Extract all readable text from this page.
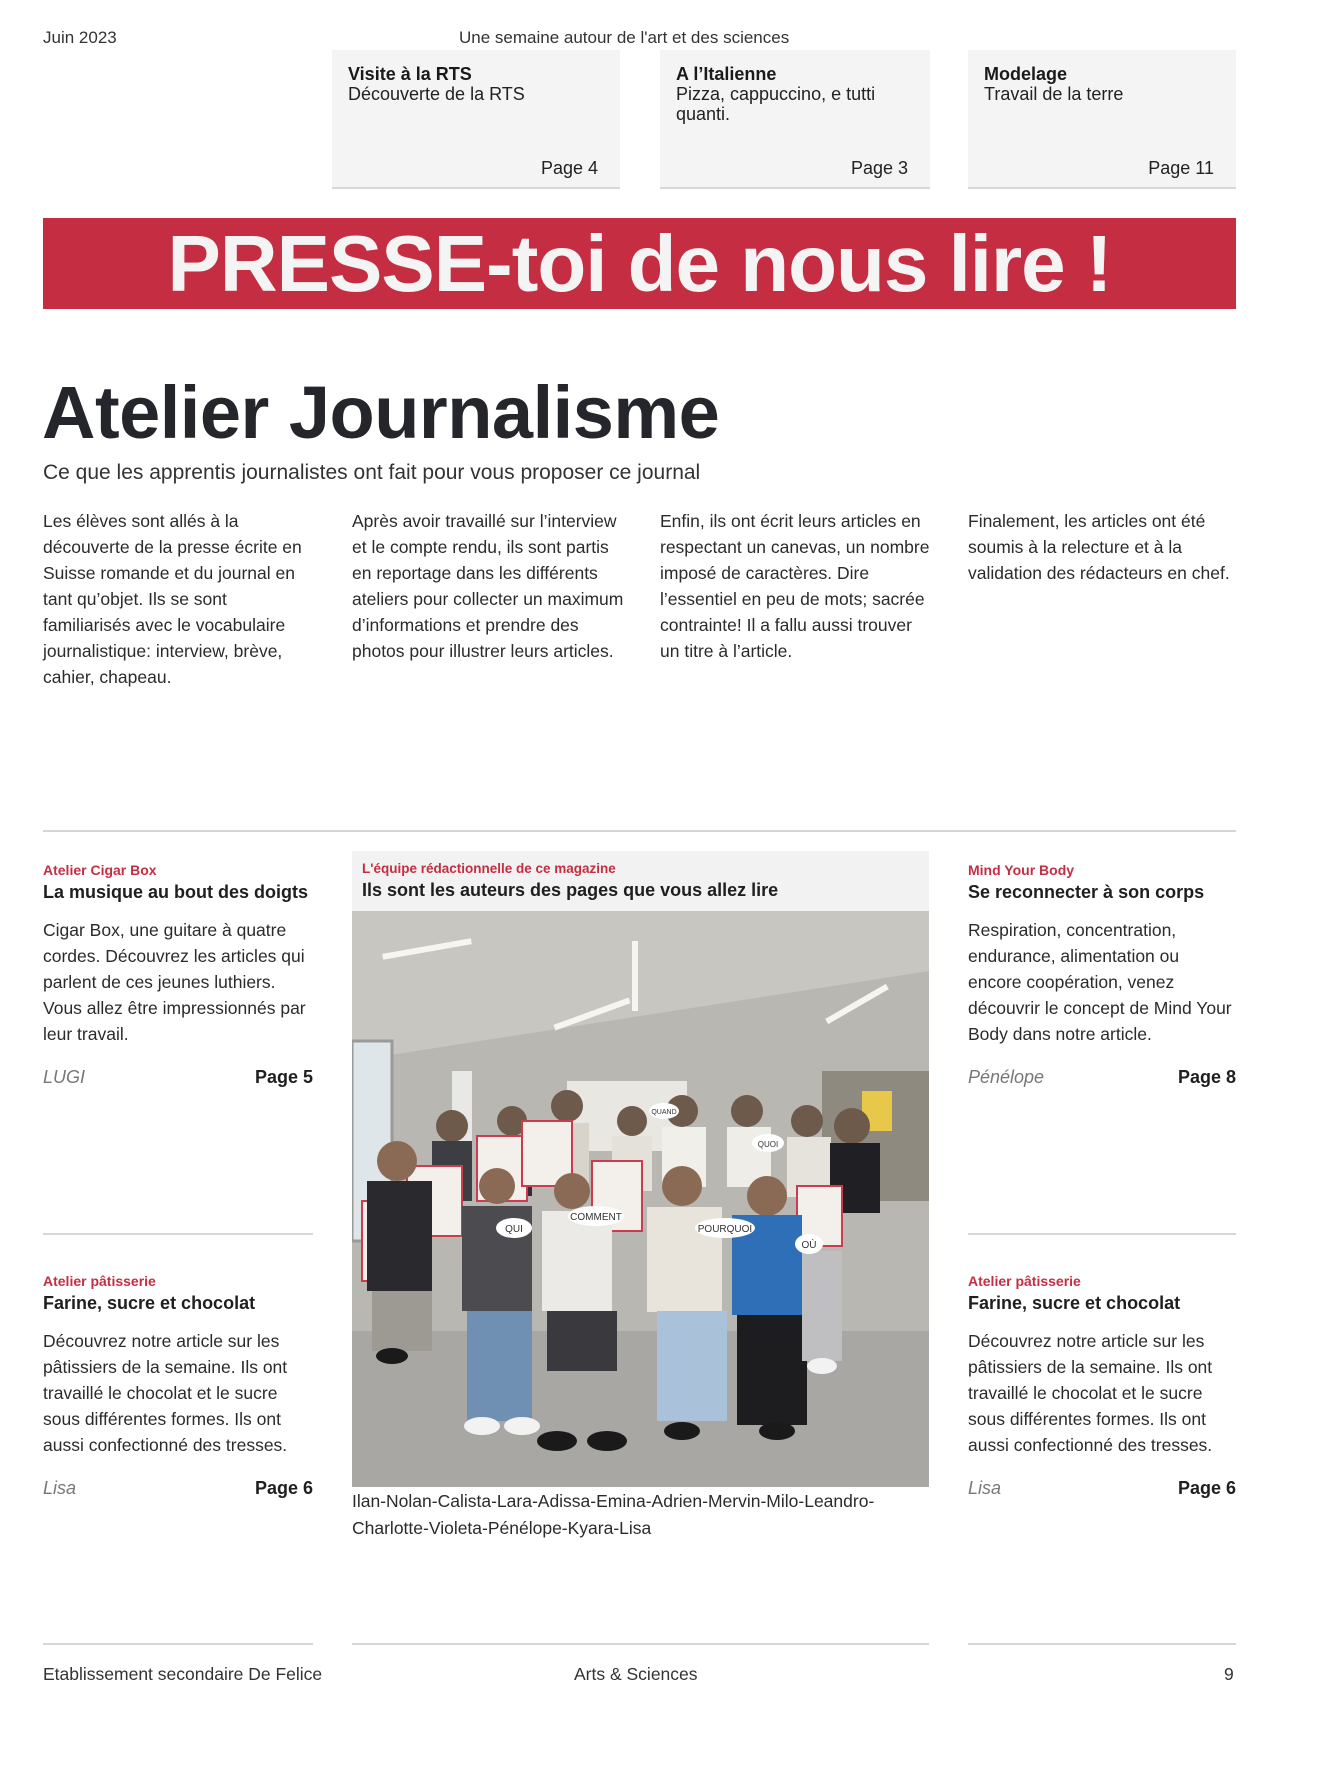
Juin 2023	Une semaine autour de l'art et des sciences
Visite à la RTS
Découverte de la RTS
Page 4
A l’Italienne
Pizza, cappuccino, e tutti quanti.
Page 3
Modelage
Travail de la terre
Page 11
PRESSE-toi de nous lire !
Atelier Journalisme
Ce que les apprentis journalistes ont fait pour vous proposer ce journal
Les élèves sont allés à la découverte de la presse écrite en Suisse romande et du journal en tant qu’objet. Ils se sont familiarisés avec le vocabulaire journalistique: interview, brève, cahier, chapeau.
Après avoir travaillé sur l’interview et le compte rendu, ils sont partis en reportage dans les différents ateliers pour collecter un maximum d’informations et prendre des photos pour illustrer leurs articles.
Enfin, ils ont écrit leurs articles en respectant un canevas, un nombre imposé de caractères. Dire l’essentiel en peu de mots; sacrée contrainte! Il a fallu aussi trouver un titre à l’article.
Finalement, les articles ont été soumis à la relecture et à la validation des rédacteurs en chef.
Atelier Cigar Box
La musique au bout des doigts
Cigar Box, une guitare à quatre cordes. Découvrez les articles qui parlent de ces jeunes luthiers. Vous allez être impressionnés par leur travail.
LUGI	Page 5
Mind Your Body
Se reconnecter à son corps
Respiration, concentration, endurance, alimentation ou encore coopération, venez découvrir le concept de Mind Your Body dans notre article.
Pénélope	Page 8
Atelier pâtisserie
Farine, sucre et chocolat
Découvrez notre article sur les pâtissiers de la semaine. Ils ont travaillé le chocolat et le sucre sous différentes formes. Ils ont aussi confectionné des tresses.
Lisa	Page 6
Atelier pâtisserie
Farine, sucre et chocolat
Découvrez notre article sur les pâtissiers de la semaine. Ils ont travaillé le chocolat et le sucre sous différentes formes. Ils ont aussi confectionné des tresses.
Lisa	Page 6
L'équipe rédactionnelle de ce magazine
Ils sont les auteurs des pages que vous allez lire
QUI
COMMENT
POURQUOI
OÙ
QUOI
QUAND
Ilan-Nolan-Calista-Lara-Adissa-Emina-Adrien-Mervin-Milo-Leandro-Charlotte-Violeta-Pénélope-Kyara-Lisa
Etablissement secondaire De Felice	Arts & Sciences	9
